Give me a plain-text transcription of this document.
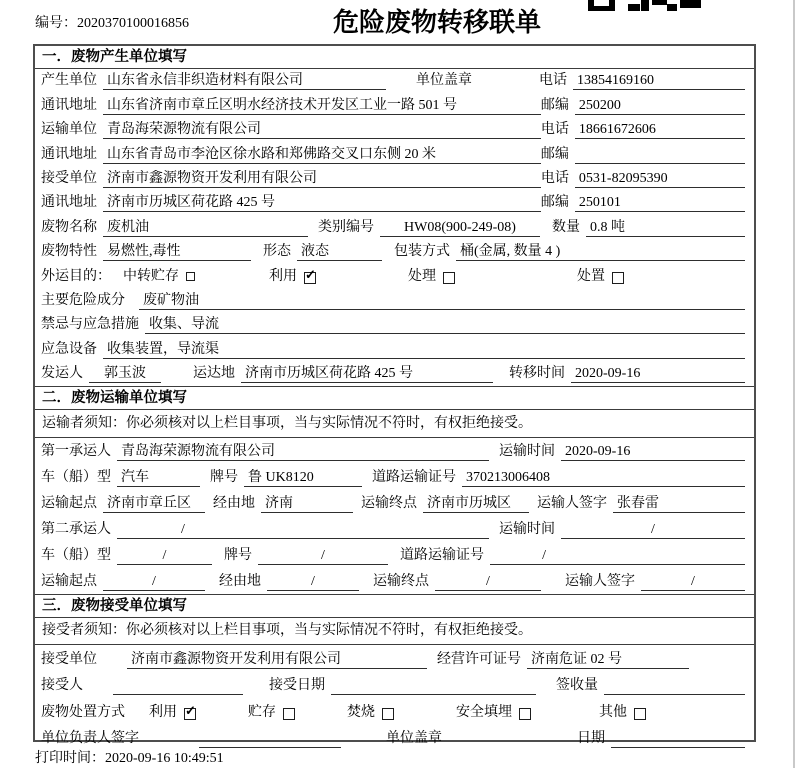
编号：2020370100016856	危险废物转移联单
一．废物产生单位填写
产生单位 山东省永信非织造材料有限公司	单位盖章	电话 13854169160
通讯地址 山东省济南市章丘区明水经济技术开发区工业一路 501 号	邮编 250200
运输单位 青岛海荣源物流有限公司	电话 18661672606
通讯地址 山东省青岛市李沧区徐水路和郑佛路交叉口东侧 20 米	邮编
接受单位 济南市鑫源物资开发利用有限公司	电话 0531-82095390
通讯地址 济南市历城区荷花路 425 号	邮编 250101
废物名称 废机油	类别编号	HW08(900-249-08)	数量 0.8 吨
废物特性 易燃性,毒性	形态 液态	包装方式 桶(金属, 数量 4 )
外运目的： 中转贮存	利用 ✓	处理	处置
主要危险成分 废矿物油
禁忌与应急措施 收集、导流
应急设备 收集装置，导流渠
发运人	郭玉波	运达地 济南市历城区荷花路 425 号	转移时间 2020-09-16
二．废物运输单位填写
运输者须知：你必须核对以上栏目事项，当与实际情况不符时，有权拒绝接受。
第一承运人 青岛海荣源物流有限公司	运输时间 2020-09-16
车（船）型 汽车	牌号 鲁 UK8120	道路运输证号 370213006408
运输起点 济南市章丘区	经由地 济南	运输终点 济南市历城区	运输人签字 张春雷
第二承运人	/	运输时间	/
车（船）型	/	牌号	/	道路运输证号	/
运输起点	/	经由地	/	运输终点	/	运输人签字	/
三．废物接受单位填写
接受者须知：你必须核对以上栏目事项，当与实际情况不符时，有权拒绝接受。
接受单位 济南市鑫源物资开发利用有限公司	经营许可证号 济南危证 02 号
接受人	接受日期	签收量
废物处置方式 利用 ✓	贮存	焚烧	安全填埋	其他
单位负责人签字	单位盖章	日期
打印时间：2020-09-16 10:49:51
